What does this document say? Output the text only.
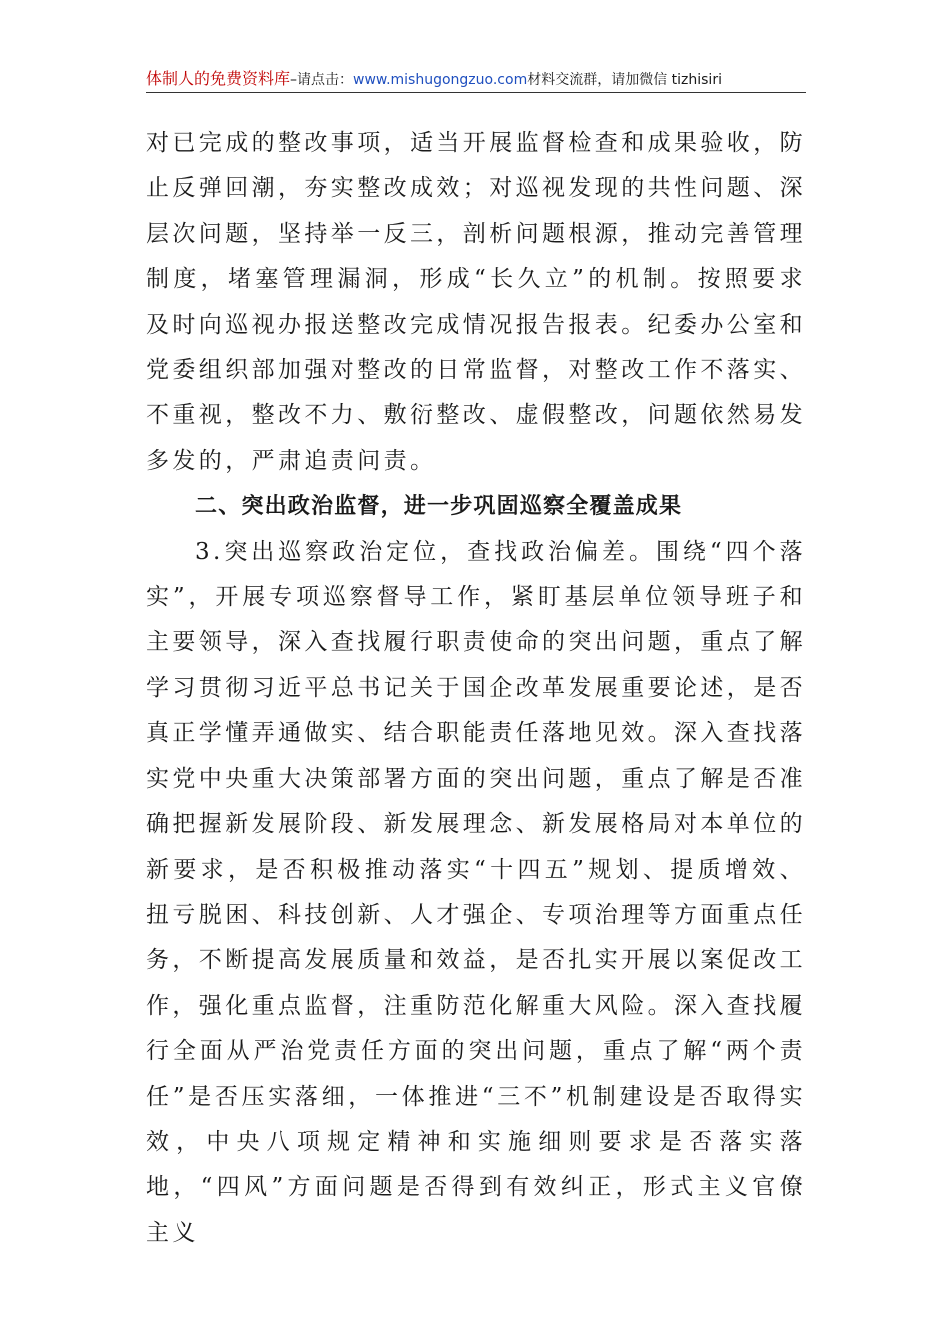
体制人的免费资料库–请点击：www.mishugongzuo.com材料交流群，请加微信 tizhisiri

对已完成的整改事项，适当开展监督检查和成果验收，防止反弹回潮，夯实整改成效；对巡视发现的共性问题、深层次问题，坚持举一反三，剖析问题根源，推动完善管理制度，堵塞管理漏洞，形成“长久立”的机制。按照要求及时向巡视办报送整改完成情况报告报表。纪委办公室和党委组织部加强对整改的日常监督，对整改工作不落实、不重视，整改不力、敷衍整改、虚假整改，问题依然易发多发的，严肃追责问责。

二、突出政治监督，进一步巩固巡察全覆盖成果

3.突出巡察政治定位，查找政治偏差。围绕“四个落实”，开展专项巡察督导工作，紧盯基层单位领导班子和主要领导，深入查找履行职责使命的突出问题，重点了解学习贯彻习近平总书记关于国企改革发展重要论述，是否真正学懂弄通做实、结合职能责任落地见效。深入查找落实党中央重大决策部署方面的突出问题，重点了解是否准确把握新发展阶段、新发展理念、新发展格局对本单位的新要求，是否积极推动落实“十四五”规划、提质增效、扭亏脱困、科技创新、人才强企、专项治理等方面重点任务，不断提高发展质量和效益，是否扎实开展以案促改工作，强化重点监督，注重防范化解重大风险。深入查找履行全面从严治党责任方面的突出问题，重点了解“两个责任”是否压实落细，一体推进“三不”机制建设是否取得实效，中央八项规定精神和实施细则要求是否落实落地，“四风”方面问题是否得到有效纠正，形式主义官僚主义
